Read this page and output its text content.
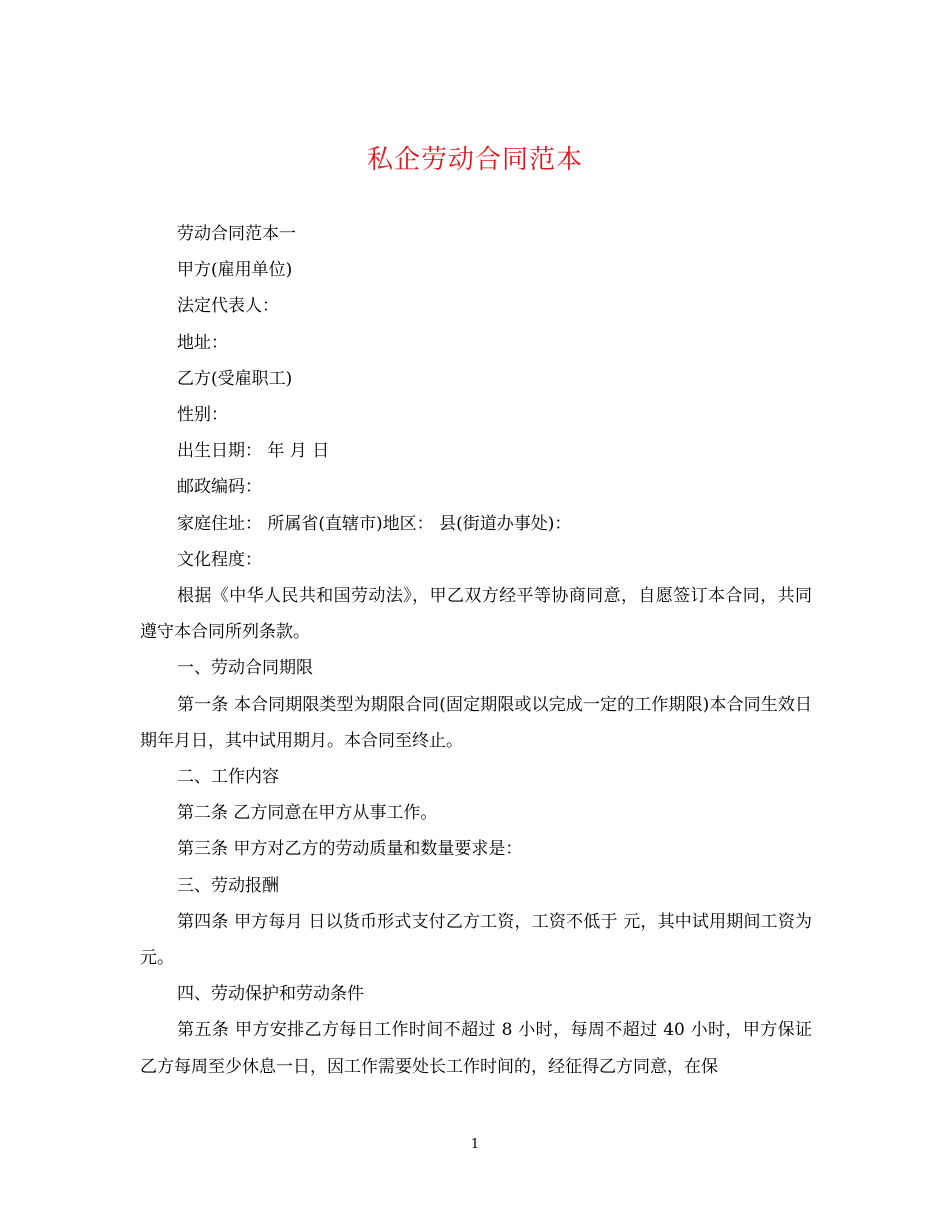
私企劳动合同范本

劳动合同范本一

甲方(雇用单位)

法定代表人：

地址：

乙方(受雇职工)

性别：

出生日期： 年 月 日

邮政编码：

家庭住址： 所属省(直辖市)地区： 县(街道办事处)：

文化程度：

根据《中华人民共和国劳动法》，甲乙双方经平等协商同意，自愿签订本合同，共同遵守本合同所列条款。

一、劳动合同期限

第一条 本合同期限类型为期限合同(固定期限或以完成一定的工作期限)本合同生效日期年月日，其中试用期月。本合同至终止。

二、工作内容

第二条 乙方同意在甲方从事工作。

第三条 甲方对乙方的劳动质量和数量要求是：

三、劳动报酬

第四条 甲方每月 日以货币形式支付乙方工资，工资不低于 元，其中试用期间工资为 元。

四、劳动保护和劳动条件

第五条 甲方安排乙方每日工作时间不超过 8 小时，每周不超过 40 小时，甲方保证乙方每周至少休息一日，因工作需要处长工作时间的，经征得乙方同意，在保

1
